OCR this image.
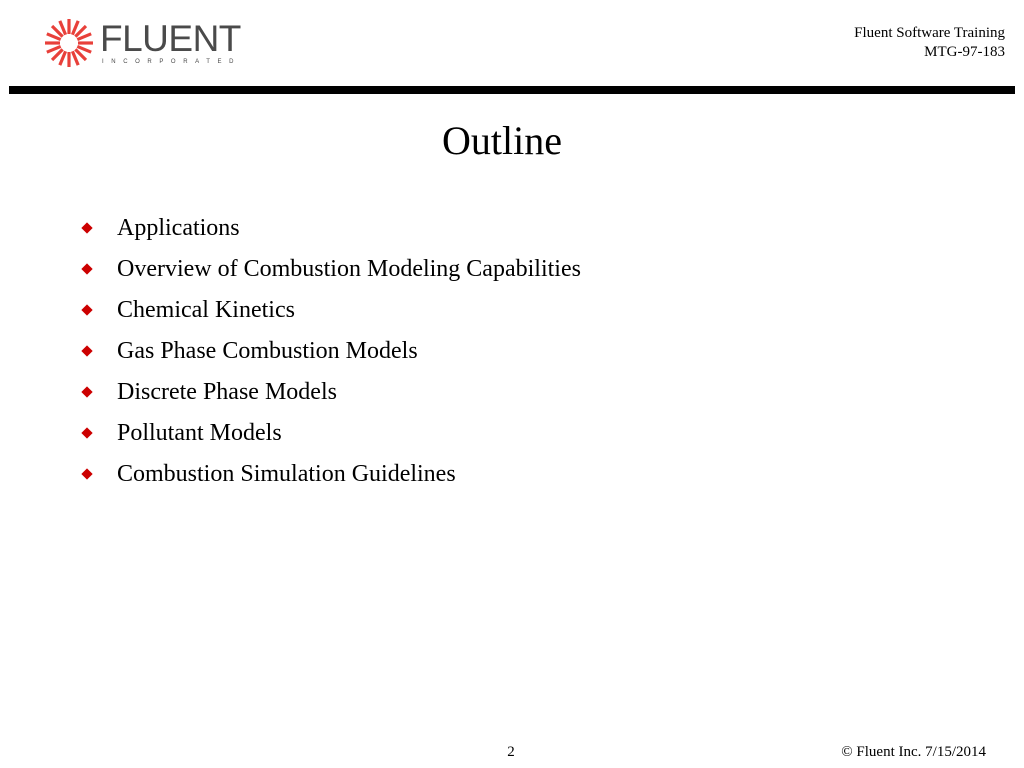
FLUENT
INCORPORATED
Fluent Software Training
MTG-97-183
Outline
Applications
Overview of Combustion Modeling Capabilities
Chemical Kinetics
Gas Phase Combustion Models
Discrete Phase Models
Pollutant Models
Combustion Simulation Guidelines
2	© Fluent Inc. 7/15/2014
